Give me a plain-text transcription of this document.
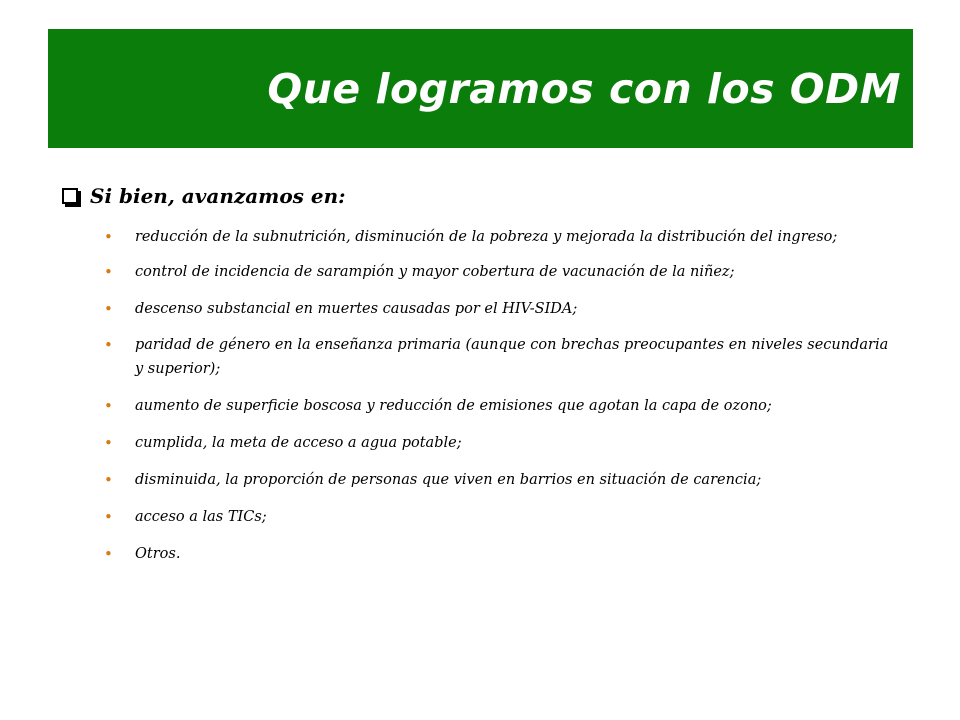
Que logramos con los ODM
Si bien, avanzamos en:
• reducción de la subnutrición, disminución de la pobreza y mejorada la distribución del ingreso;
• control de incidencia de sarampión y mayor cobertura de vacunación de la niñez;
• descenso substancial en muertes causadas por el HIV-SIDA;
• paridad de género en la enseñanza primaria (aunque con brechas preocupantes en niveles secundaria y superior);
• aumento de superficie boscosa y reducción de emisiones que agotan la capa de ozono;
• cumplida, la meta de acceso a agua potable;
• disminuida, la proporción de personas que viven en barrios en situación de carencia;
• acceso a las TICs;
• Otros.
